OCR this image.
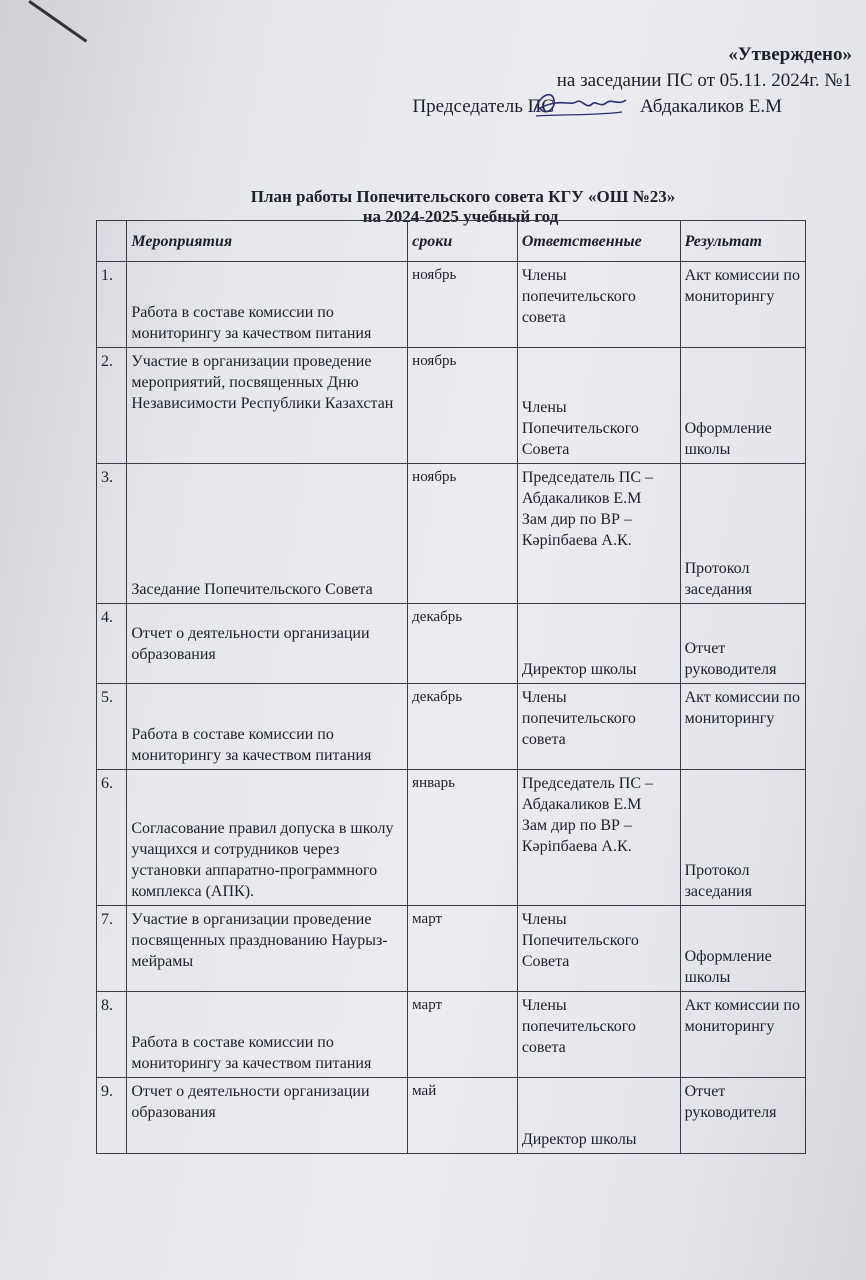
«Утверждено»
на заседании ПС от 05.11. 2024г. №1
Председатель ПС	Абдакаликов Е.М
План работы Попечительского совета КГУ «ОШ №23»
на 2024-2025 учебный год
	Мероприятия	сроки	Ответственные	Результат
1.	Работа в составе комиссии по мониторингу за качеством питания	ноябрь	Члены попечительского совета	Акт комиссии по мониторингу
2.	Участие в организации проведение мероприятий, посвященных Дню Независимости Республики Казахстан	ноябрь	Члены Попечительского Совета	Оформление школы
3.	Заседание Попечительского Совета	ноябрь	Председатель ПС – Абдакаликов Е.М
Зам дир по ВР – Кәріпбаева А.К.	Протокол заседания
4.	Отчет о деятельности организации образования	декабрь	Директор школы	Отчет руководителя
5.	Работа в составе комиссии по мониторингу за качеством питания	декабрь	Члены попечительского совета	Акт комиссии по мониторингу
6.	Согласование правил допуска в школу учащихся и сотрудников через установки аппаратно-программного комплекса (АПК).	январь	Председатель ПС – Абдакаликов Е.М
Зам дир по ВР – Кәріпбаева А.К.	Протокол заседания
7.	Участие в организации проведение посвященных празднованию Наурыз- мейрамы	март	Члены Попечительского Совета	Оформление школы
8.	Работа в составе комиссии по мониторингу за качеством питания	март	Члены попечительского совета	Акт комиссии по мониторингу
9.	Отчет о деятельности организации образования	май	Директор школы	Отчет руководителя
